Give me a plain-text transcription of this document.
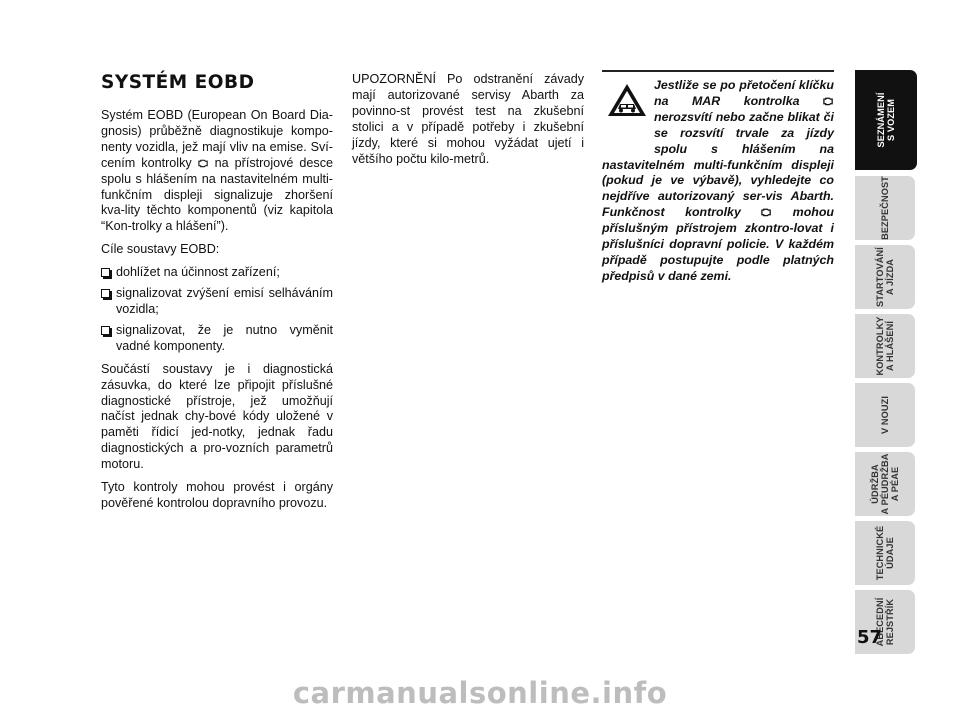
SYSTÉM EOBD

Systém EOBD (European On Board Dia-gnosis) průběžně diagnostikuje kompo-nenty vozidla, jež mají vliv na emise. Sví-cením kontrolky  na přístrojové desce spolu s hlášením na nastavitelném multi-funkčním displeji signalizuje zhoršení kva-lity těchto komponentů (viz kapitola “Kon-trolky a hlášení”).

Cíle soustavy EOBD:

dohlížet na účinnost zařízení;
signalizovat zvýšení emisí selháváním vozidla;
signalizovat, že je nutno vyměnit vadné komponenty.

Součástí soustavy je i diagnostická zásuvka, do které lze připojit příslušné diagnostické přístroje, jež umožňují načíst jednak chy-bové kódy uložené v paměti řídicí jed-notky, jednak řadu diagnostických a pro-vozních parametrů motoru.

Tyto kontroly mohou provést i orgány pověřené kontrolou dopravního provozu.

UPOZORNĚNÍ Po odstranění závady mají autorizované servisy Abarth za povinno-st provést test na zkušební stolici a v případě potřeby i zkušební jízdy, které si mohou vyžádat ujetí i většího počtu kilo-metrů.

Jestliže se po přetočení klíčku na MAR kontrolka  nerozsvítí nebo začne blikat či se rozsvítí trvale za jízdy spolu s hlášením na nastavitelném multi-funkčním displeji (pokud je ve výbavě), vyhledejte co nejdříve autorizovaný ser-vis Abarth. Funkčnost kontrolky  mohou příslušným přístrojem zkontro-lovat i příslušníci dopravní policie. V každém případě postupujte podle platných předpisů v dané zemi.
SEZNÁMENÍ
S VOZEM
BEZPEČNOST
STARTOVÁNÍ
A JÍZDA
KONTROLKY
A HLÁŠENÍ
V NOUZI
ÚDRŽBA
A PÉUDRŽBA
A PÉAE
TECHNICKÉ
ÚDAJE
ABECEDNÍ
REJSTŘÍK
57
carmanualsonline.info
